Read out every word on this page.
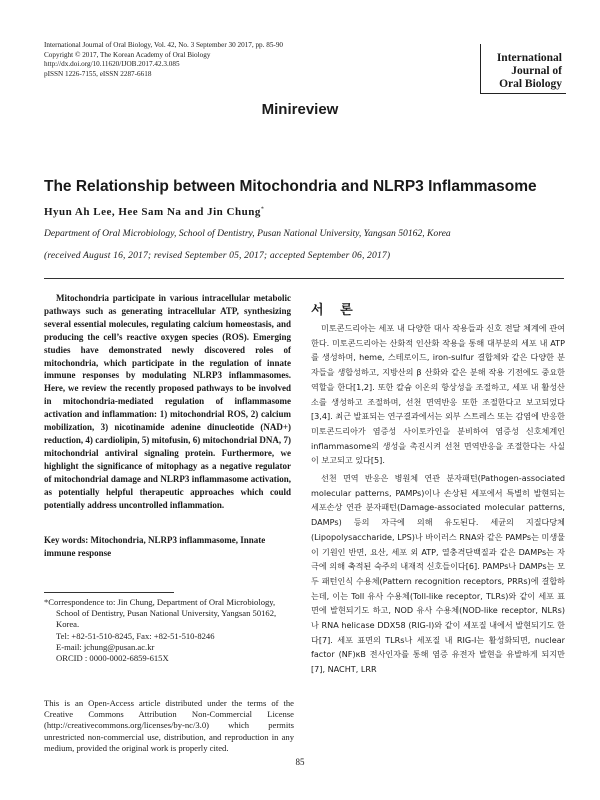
International Journal of Oral Biology, Vol. 42, No. 3 September 30 2017, pp. 85-90
Copyright © 2017, The Korean Academy of Oral Biology
http://dx.doi.org/10.11620/IJOB.2017.42.3.085
pISSN 1226-7155, eISSN 2287-6618
International
Journal of
Oral Biology
Minireview
The Relationship between Mitochondria and NLRP3 Inflammasome
Hyun Ah Lee, Hee Sam Na and Jin Chung*
Department of Oral Microbiology, School of Dentistry, Pusan National University, Yangsan 50162, Korea
(received August 16, 2017; revised September 05, 2017; accepted September 06, 2017)

Mitochondria participate in various intracellular metabolic pathways such as generating intracellular ATP, synthesizing several essential molecules, regulating calcium homeostasis, and producing the cell’s reactive oxygen species (ROS). Emerging studies have demonstrated newly discovered roles of mitochondria, which participate in the regulation of innate immune responses by modulating NLRP3 inflammasomes. Here, we review the recently proposed pathways to be involved in mitochondria-mediated regulation of inflammasome activation and inflammation: 1) mitochondrial ROS, 2) calcium mobilization, 3) nicotinamide adenine dinucleotide (NAD+) reduction, 4) cardiolipin, 5) mitofusin, 6) mitochondrial DNA, 7) mitochondrial antiviral signaling protein. Furthermore, we highlight the significance of mitophagy as a negative regulator of mitochondrial damage and NLRP3 inflammasome activation, as potentially helpful therapeutic approaches which could potentially address uncontrolled inflammation.

Key words: Mitochondria, NLRP3 inflammasome, Innate immune response
*Correspondence to: Jin Chung, Department of Oral Microbiology,
School of Dentistry, Pusan National University, Yangsan 50162,
Korea.
Tel: +82-51-510-8245, Fax: +82-51-510-8246
E-mail: jchung@pusan.ac.kr
ORCID : 0000-0002-6859-615X
This is an Open-Access article distributed under the terms of the Creative Commons Attribution Non-Commercial License (http://creativecommons.org/licenses/by-nc/3.0) which permits unrestricted non-commercial use, distribution, and reproduction in any medium, provided the original work is properly cited.
서 론

미토콘드리아는 세포 내 다양한 대사 작용들과 신호 전달 체계에 관여한다. 미토콘드리아는 산화적 인산화 작용을 통해 대부분의 세포 내 ATP를 생성하며, heme, 스테로이드, iron-sulfur 결합체와 같은 다양한 분자들을 생합성하고, 지방산의 β 산화와 같은 분해 작용 기전에도 중요한 역할을 한다[1,2]. 또한 칼슘 이온의 항상성을 조절하고, 세포 내 활성산소를 생성하고 조절하며, 선천 면역반응 또한 조절한다고 보고되었다[3,4]. 최근 발표되는 연구결과에서는 외부 스트레스 또는 감염에 반응한 미토콘드리아가 염증성 사이토카인을 분비하여 염증성 신호체계인 inflammasome의 생성을 촉진시켜 선천 면역반응을 조절한다는 사실이 보고되고 있다[5].

선천 면역 반응은 병원체 연관 분자패턴(Pathogen-associated molecular patterns, PAMPs)이나 손상된 세포에서 특별히 발현되는 세포손상 연관 분자패턴(Damage-associated molecular patterns, DAMPs) 등의 자극에 의해 유도된다. 세균의 지질다당체(Lipopolysaccharide, LPS)나 바이러스 RNA와 같은 PAMPs는 미생물이 기원인 반면, 요산, 세포 외 ATP, 열충격단백질과 같은 DAMPs는 자극에 의해 축적된 숙주의 내재적 신호들이다[6]. PAMPs나 DAMPs는 모두 패턴인식 수용체(Pattern recognition receptors, PRRs)에 결합하는데, 이는 Toll 유사 수용체(Toll-like receptor, TLRs)와 같이 세포 표면에 발현되기도 하고, NOD 유사 수용체(NOD-like receptor, NLRs)나 RNA helicase DDX58 (RIG-I)와 같이 세포질 내에서 발현되기도 한다[7]. 세포 표면의 TLRs나 세포질 내 RIG-I는 활성화되면, nuclear factor (NF)κB 전사인자를 통해 염증 유전자 발현을 유발하게 되지만[7], NACHT, LRR

85
